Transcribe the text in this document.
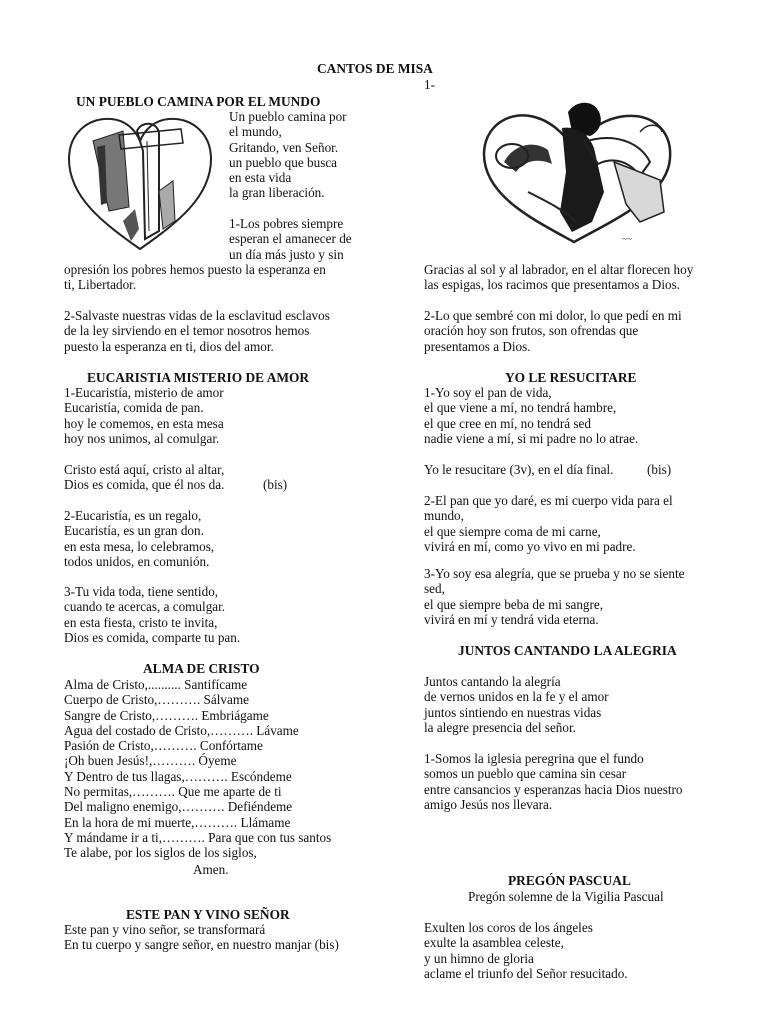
CANTOS DE MISA
1-
~~
UN PUEBLO CAMINA POR EL MUNDO
Un pueblo camina por
el mundo,
Gritando, ven Señor.
un pueblo que busca
en esta vida
la gran liberación.
1-Los pobres siempre
esperan el amanecer de
un día más justo y sin
opresión los pobres hemos puesto la esperanza en
ti, Libertador.
2-Salvaste nuestras vidas de la esclavitud esclavos
de la ley sirviendo en el temor nosotros hemos
puesto la esperanza en ti, dios del amor.
EUCARISTIA MISTERIO DE AMOR
1-Eucaristía, misterio de amor
Eucaristía, comida de pan.
hoy le comemos, en esta mesa
hoy nos unimos, al comulgar.
Cristo está aquí, cristo al altar,
Dios es comida, que él nos da.	(bis)
2-Eucaristía, es un regalo,
Eucaristía, es un gran don.
en esta mesa, lo celebramos,
todos unidos, en comunión.
3-Tu vida toda, tiene sentido,
cuando te acercas, a comulgar.
en esta fiesta, cristo te invita,
Dios es comida, comparte tu pan.
ALMA DE CRISTO
Alma de Cristo,.......... Santifícame
Cuerpo de Cristo,………. Sálvame
Sangre de Cristo,………. Embriágame
Agua del costado de Cristo,………. Lávame
Pasión de Cristo,………. Confórtame
¡Oh buen Jesús!,………. Óyeme
Y Dentro de tus llagas,………. Escóndeme
No permitas,………. Que me aparte de ti
Del maligno enemigo,………. Defiéndeme
En la hora de mi muerte,………. Llámame
Y mándame ir a ti,………. Para que con tus santos
Te alabe, por los siglos de los siglos,
Amen.
ESTE PAN Y VINO SEÑOR
Este pan y vino señor, se transformará
En tu cuerpo y sangre señor, en nuestro manjar (bis)
Gracias al sol y al labrador, en el altar florecen hoy
las espigas, los racimos que presentamos a Dios.
2-Lo que sembré con mi dolor, lo que pedí en mi
oración hoy son frutos, son ofrendas que
presentamos a Dios.
YO LE RESUCITARE
1-Yo soy el pan de vida,
el que viene a mí, no tendrá hambre,
el que cree en mí, no tendrá sed
nadie viene a mí, si mi padre no lo atrae.
Yo le resucitare (3v), en el día final.	(bis)
2-El pan que yo daré, es mi cuerpo vida para el
mundo,
el que siempre coma de mi carne,
vivirá en mí, como yo vivo en mi padre.
3-Yo soy esa alegría, que se prueba y no se siente
sed,
el que siempre beba de mi sangre,
vivirá en mí y tendrá vida eterna.
JUNTOS CANTANDO LA ALEGRIA
Juntos cantando la alegría
de vernos unidos en la fe y el amor
juntos sintiendo en nuestras vidas
la alegre presencia del señor.
1-Somos la iglesia peregrina que el fundo
somos un pueblo que camina sin cesar
entre cansancios y esperanzas hacia Dios nuestro
amigo Jesús nos llevara.
PREGÓN PASCUAL
Pregón solemne de la Vigilia Pascual
Exulten los coros de los ángeles
exulte la asamblea celeste,
y un himno de gloria
aclame el triunfo del Señor resucitado.
